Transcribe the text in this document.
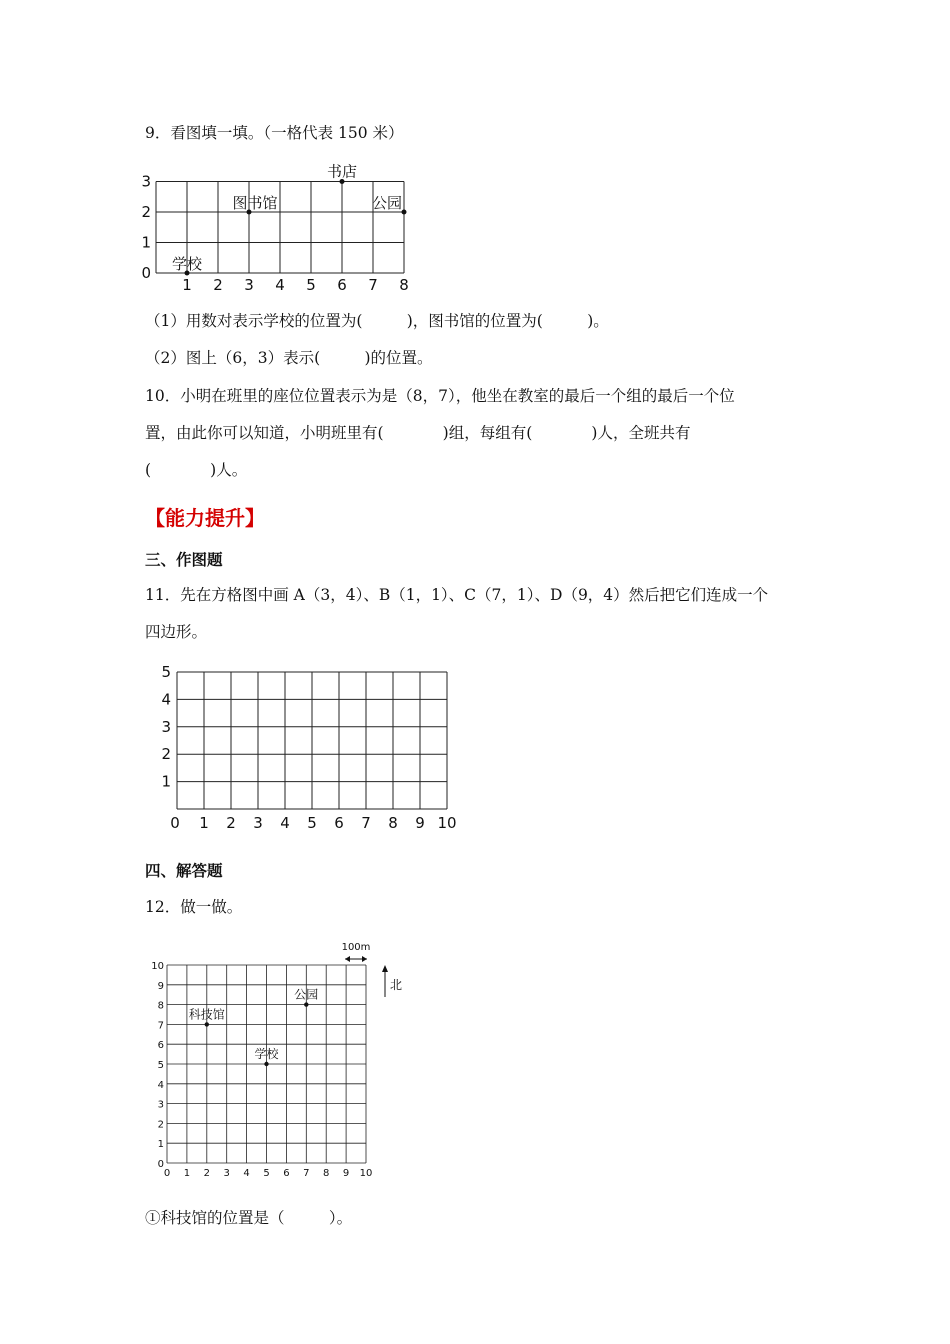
9．看图填一填。（一格代表 150 米）
1 2 3 4 5 6 7 8
0
1
2
3
学校
图书馆
书店
公园
（1）用数对表示学校的位置为(         )，图书馆的位置为(         )。
（2）图上（6，3）表示(         )的位置。
10．小明在班里的座位位置表示为是（8，7），他坐在教室的最后一个组的最后一个位
置，由此你可以知道，小明班里有(            )组，每组有(            )人，全班共有
(            )人。
【能力提升】
三、作图题
11．先在方格图中画 A（3，4）、B（1，1）、C（7，1）、D（9，4）然后把它们连成一个
四边形。
0 1 2 3 4 5 6 7 8 9 10
1
2
3
4
5
四、解答题
12．做一做。
0 1 2 3 4 5 6 7 8 9 10
0
1
2
3
4
5
6
7
8
9
10
科技馆
学校
公园
100m
北
①科技馆的位置是（         ）。
